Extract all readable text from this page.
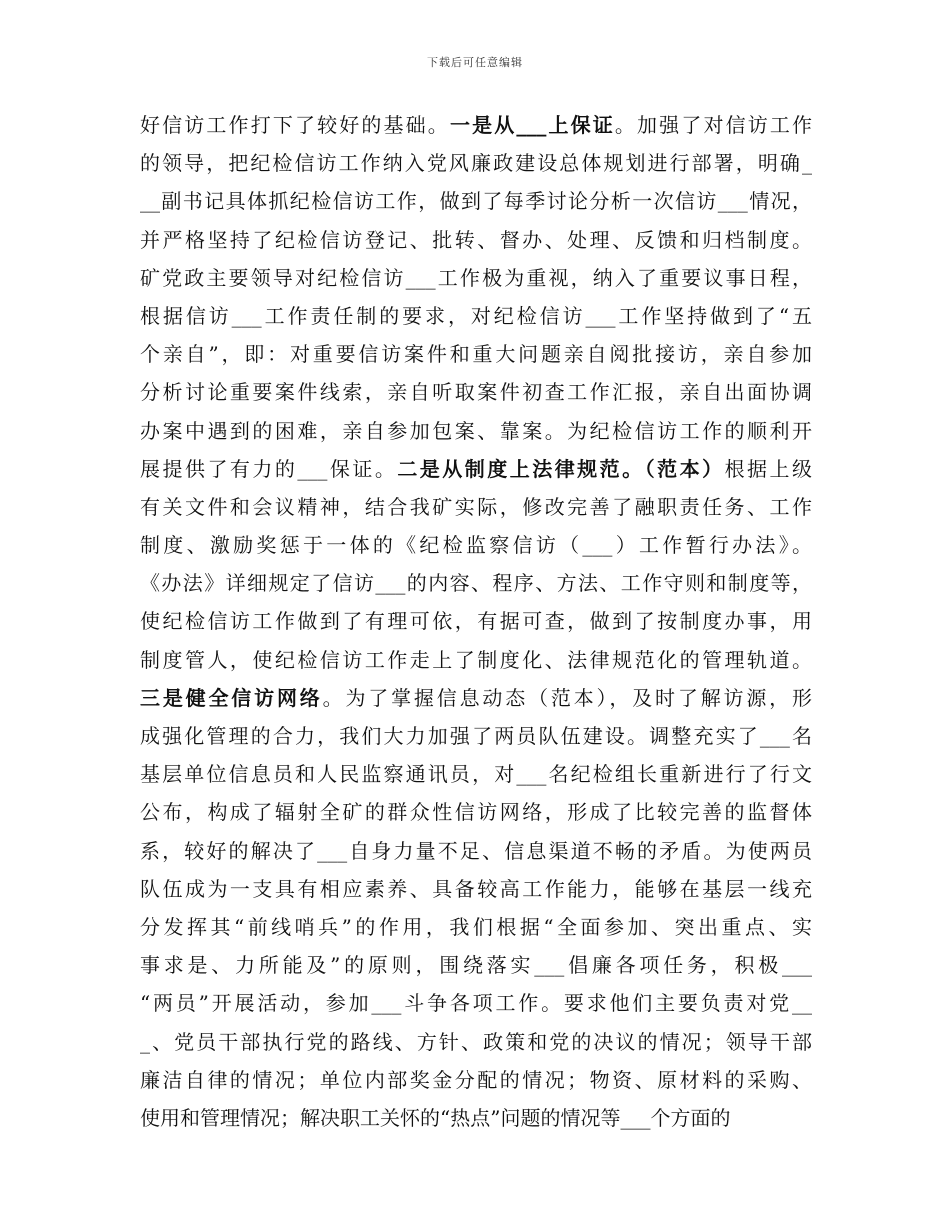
下载后可任意编辑
好信访工作打下了较好的基础。一是从___上保证。加强了对信访工作
的领导，把纪检信访工作纳入党风廉政建设总体规划进行部署，明确_
__副书记具体抓纪检信访工作，做到了每季讨论分析一次信访___情况，
并严格坚持了纪检信访登记、批转、督办、处理、反馈和归档制度。
矿党政主要领导对纪检信访___工作极为重视，纳入了重要议事日程，
根据信访___工作责任制的要求，对纪检信访___工作坚持做到了“五
个亲自”，即：对重要信访案件和重大问题亲自阅批接访，亲自参加
分析讨论重要案件线索，亲自听取案件初查工作汇报，亲自出面协调
办案中遇到的困难，亲自参加包案、靠案。为纪检信访工作的顺利开
展提供了有力的___保证。二是从制度上法律规范。（范本）根据上级
有关文件和会议精神，结合我矿实际，修改完善了融职责任务、工作
制度、激励奖惩于一体的《纪检监察信访（___）工作暂行办法》。
《办法》详细规定了信访___的内容、程序、方法、工作守则和制度等，
使纪检信访工作做到了有理可依，有据可查，做到了按制度办事，用
制度管人，使纪检信访工作走上了制度化、法律规范化的管理轨道。
三是健全信访网络。为了掌握信息动态（范本），及时了解访源，形
成强化管理的合力，我们大力加强了两员队伍建设。调整充实了___名
基层单位信息员和人民监察通讯员，对___名纪检组长重新进行了行文
公布，构成了辐射全矿的群众性信访网络，形成了比较完善的监督体
系，较好的解决了___自身力量不足、信息渠道不畅的矛盾。为使两员
队伍成为一支具有相应素养、具备较高工作能力，能够在基层一线充
分发挥其“前线哨兵”的作用，我们根据“全面参加、突出重点、实
事求是、力所能及”的原则，围绕落实___倡廉各项任务，积极___
“两员”开展活动，参加___斗争各项工作。要求他们主要负责对党__
_、党员干部执行党的路线、方针、政策和党的决议的情况；领导干部
廉洁自律的情况；单位内部奖金分配的情况；物资、原材料的采购、
使用和管理情况；解决职工关怀的“热点”问题的情况等___个方面的
